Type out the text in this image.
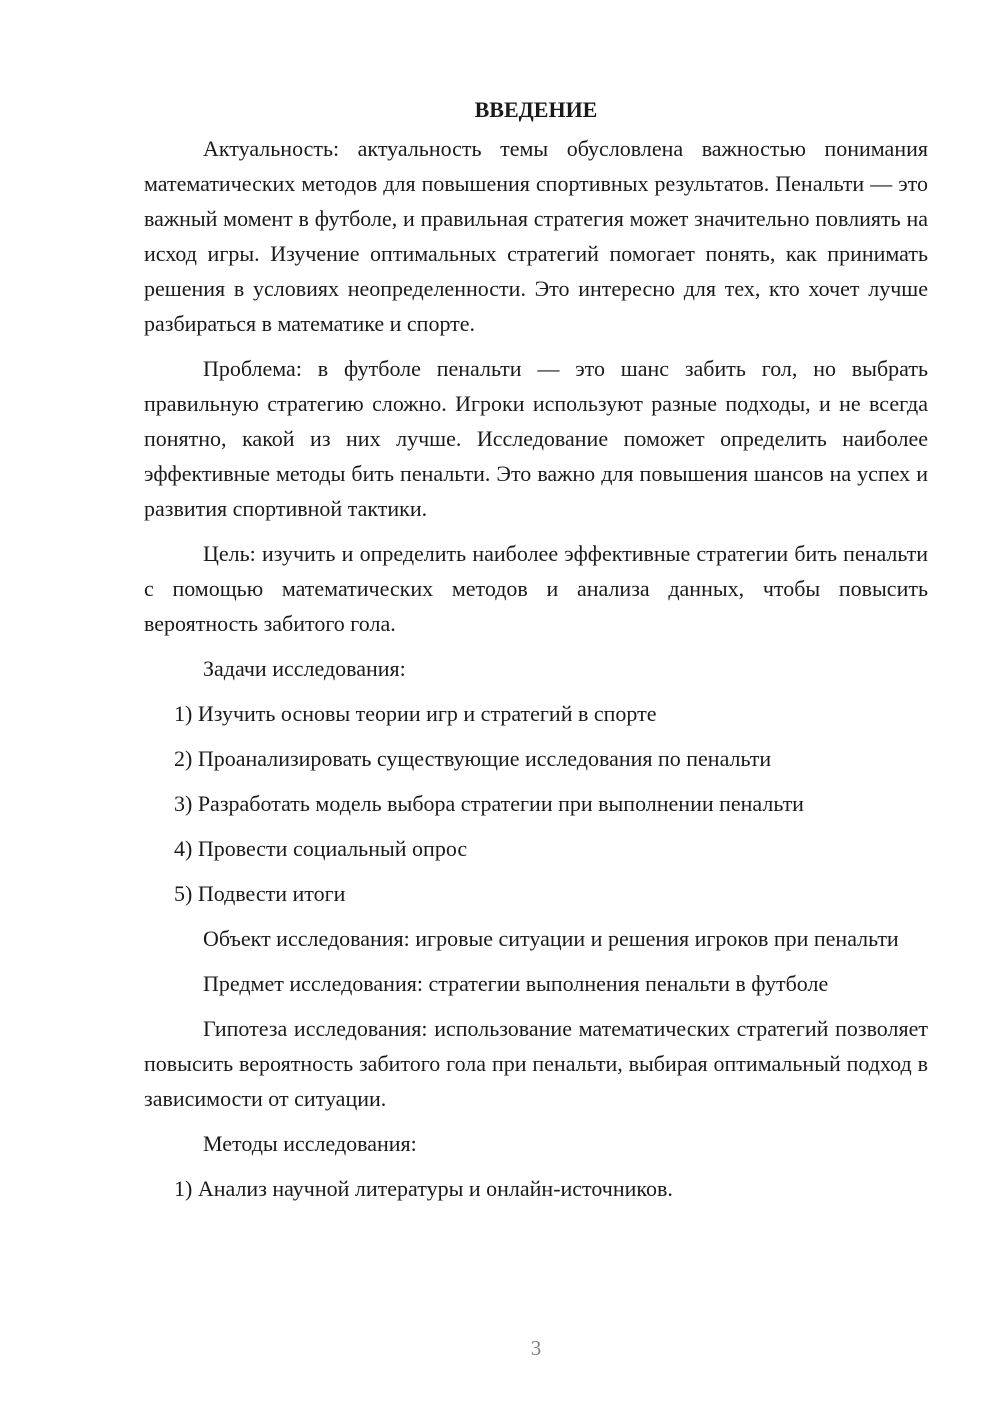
ВВЕДЕНИЕ

Актуальность: актуальность темы обусловлена важностью понимания математических методов для повышения спортивных результатов. Пенальти — это важный момент в футболе, и правильная стратегия может значительно повлиять на исход игры. Изучение оптимальных стратегий помогает понять, как принимать решения в условиях неопределенности. Это интересно для тех, кто хочет лучше разбираться в математике и спорте.

Проблема: в футболе пенальти — это шанс забить гол, но выбрать правильную стратегию сложно. Игроки используют разные подходы, и не всегда понятно, какой из них лучше. Исследование поможет определить наиболее эффективные методы бить пенальти. Это важно для повышения шансов на успех и развития спортивной тактики.

Цель: изучить и определить наиболее эффективные стратегии бить пенальти с помощью математических методов и анализа данных, чтобы повысить вероятность забитого гола.

Задачи исследования:

1) Изучить основы теории игр и стратегий в спорте

2) Проанализировать существующие исследования по пенальти

3) Разработать модель выбора стратегии при выполнении пенальти

4) Провести социальный опрос

5) Подвести итоги

Объект исследования: игровые ситуации и решения игроков при пенальти

Предмет исследования: стратегии выполнения пенальти в футболе

Гипотеза исследования: использование математических стратегий позволяет повысить вероятность забитого гола при пенальти, выбирая оптимальный подход в зависимости от ситуации.

Методы исследования:

1) Анализ научной литературы и онлайн-источников.

3
